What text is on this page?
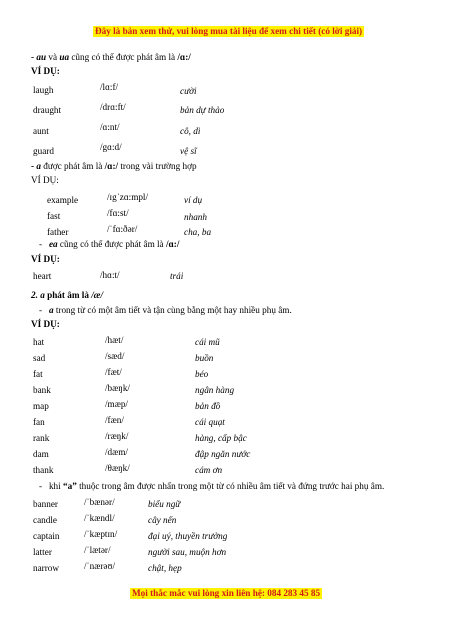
Đây là bản xem thử, vui lòng mua tài liệu để xem chi tiết (có lời giải)
- au và ua cũng có thể được phát âm là /ɑ:/
VÍ DỤ:
laugh	/lɑ:f/	cười
draught	/drɑ:ft/	bản dự thảo
aunt	/ɑ:nt/	cô, dì
guard	/gɑ:d/	vệ sĩ
- a được phát âm là /ɑ:/ trong vài trường hợp
VÍ DỤ:
example	/ɪgˈzɑ:mpl/	ví dụ
fast	/fɑ:st/	nhanh
father	/ˈfɑ:ðər/	cha, ba
- ea cũng có thể được phát âm là /ɑ:/
VÍ DỤ:
heart	/hɑ:t/	trái
2. a phát âm là /æ/
- a trong từ có một âm tiết và tận cùng bằng một hay nhiều phụ âm.
VÍ DỤ:
hat	/hæt/	cái mũ
sad	/sæd/	buồn
fat	/fæt/	béo
bank	/bæŋk/	ngân hàng
map	/mæp/	bản đồ
fan	/fæn/	cái quạt
rank	/ræŋk/	hàng, cấp bậc
dam	/dæm/	đập ngăn nước
thank	/θæŋk/	cám ơn
- khi “a” thuộc trong âm được nhấn trong một từ có nhiều âm tiết và đứng trước hai phụ âm.
banner	/ˈbænər/	biểu ngữ
candle	/ˈkændl/	cây nến
captain	/ˈkæptɪn/	đại uý, thuyền trưởng
latter	/ˈlætər/	người sau, muộn hơn
narrow	/ˈnærəʊ/	chật, hẹp
Mọi thắc mắc vui lòng xin liên hệ: 084 283 45 85
